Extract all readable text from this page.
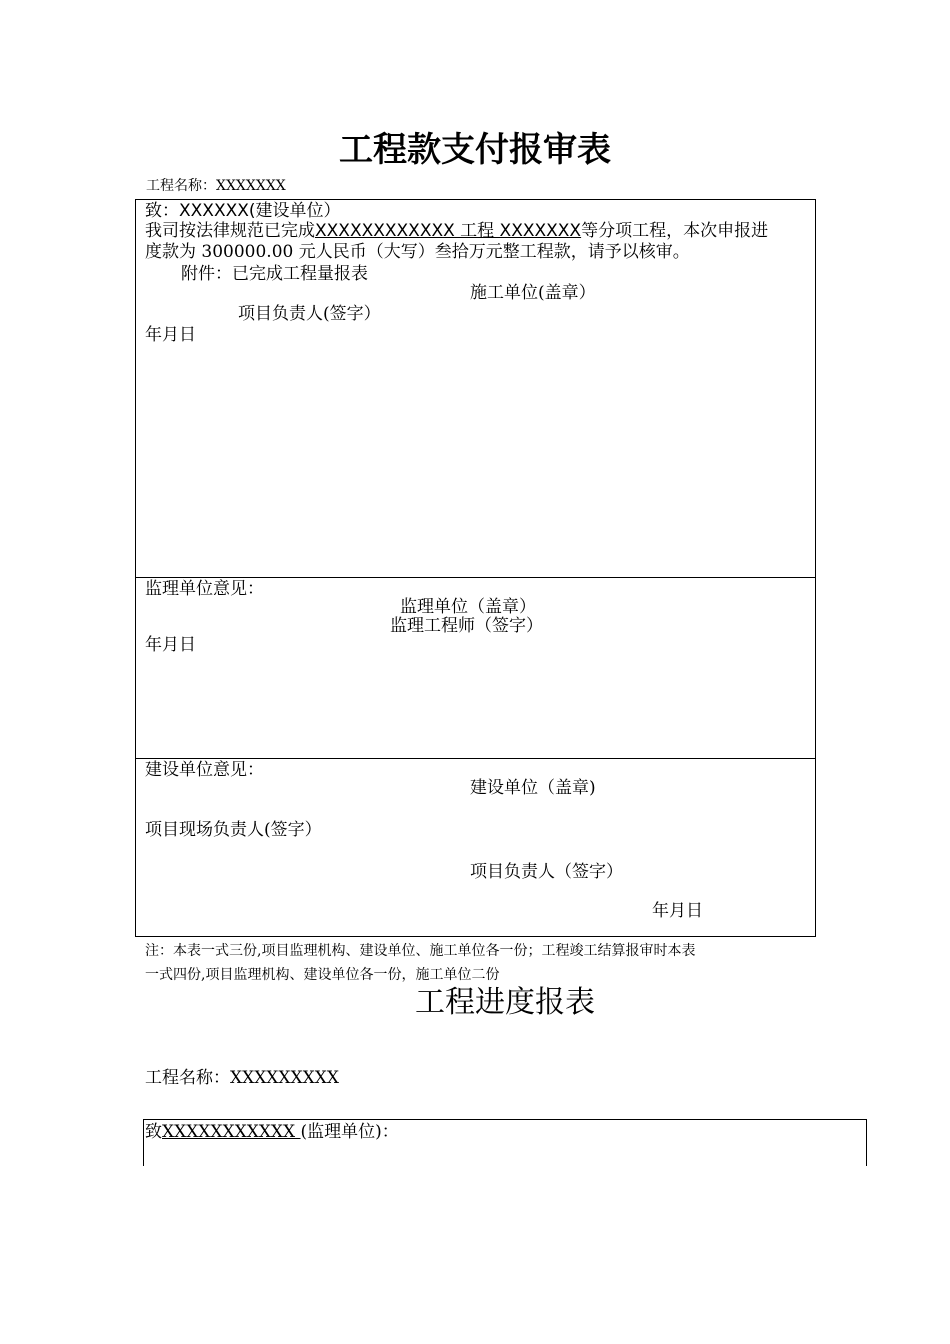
工程款支付报审表
工程名称：XXXXXXX
致：XXXXXX(建设单位）
我司按法律规范已完成XXXXXXXXXXXX 工程 XXXXXXX等分项工程，本次申报进
度款为 300000.00 元人民币（大写）叁拾万元整工程款，请予以核审。
附件：已完成工程量报表
施工单位(盖章）
项目负责人(签字）
年月日
监理单位意见：
监理单位（盖章）
监理工程师（签字）
年月日
建设单位意见：
建设单位（盖章)
项目现场负责人(签字）
项目负责人（签字）
年月日
注：本表一式三份,项目监理机构、建设单位、施工单位各一份；工程竣工结算报审时本表
一式四份,项目监理机构、建设单位各一份，施工单位二份
工程进度报表
工程名称：XXXXXXXXX
致XXXXXXXXXXX (监理单位)：
